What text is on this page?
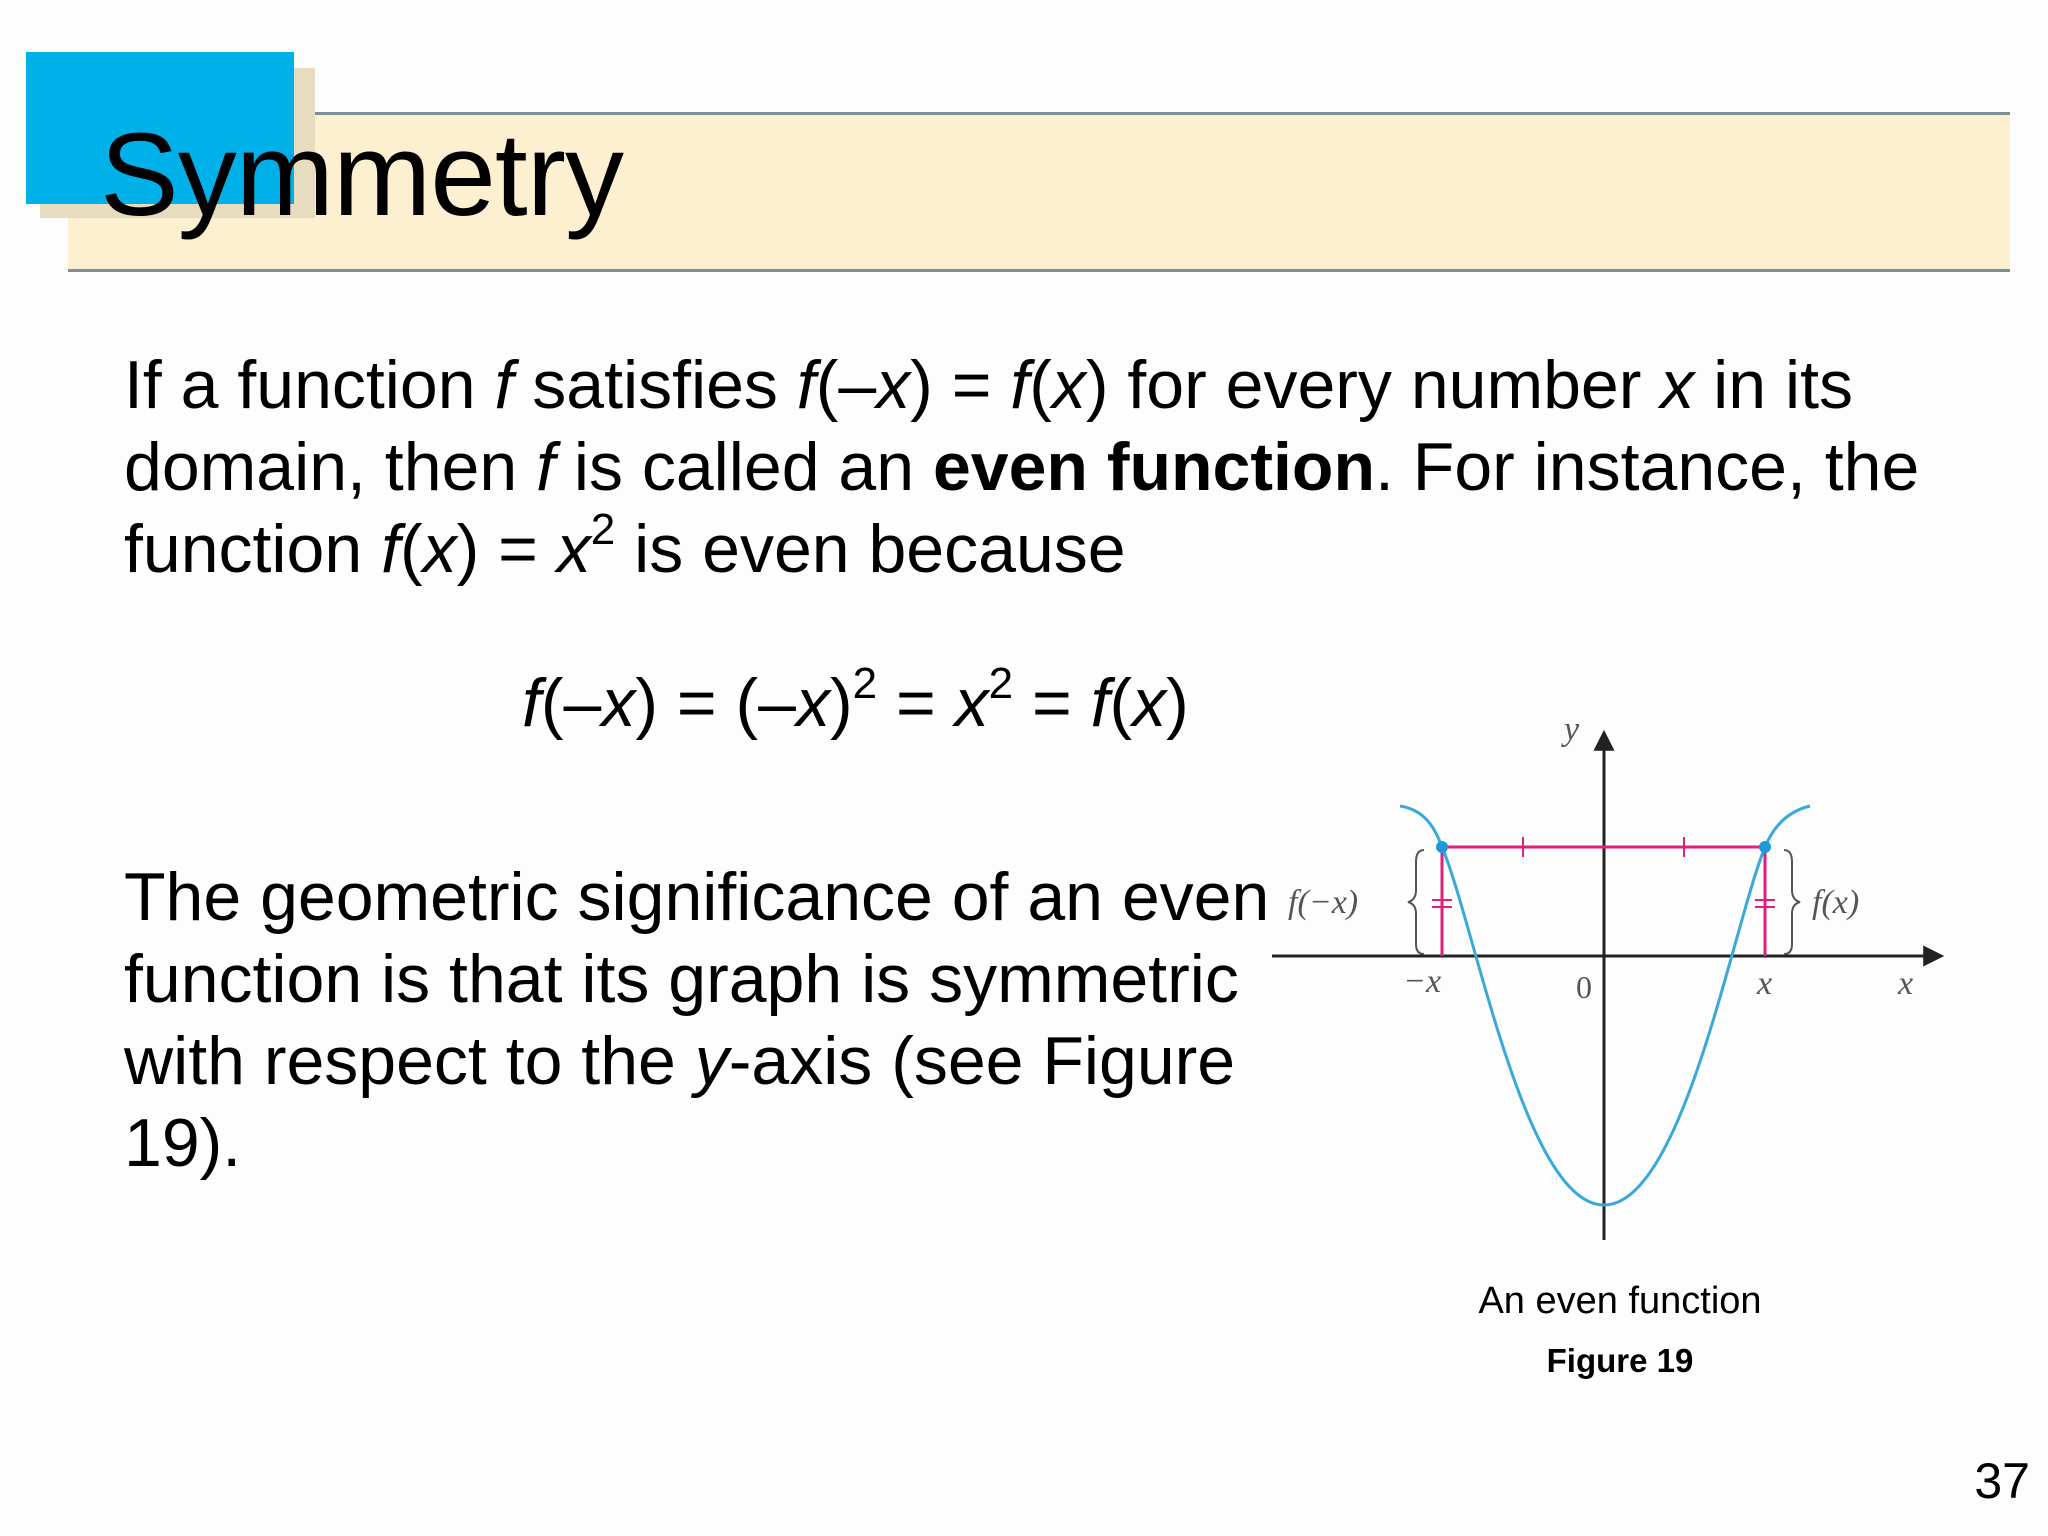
Symmetry

If a function f satisfies f(–x) = f(x) for every number x in its domain, then f is called an even function. For instance, the function $f(x) = x^2$ is even because

$f(-x) = (-x)^2 = x^2 = f(x)$

The geometric significance of an even function is that its graph is symmetric with respect to the y-axis (see Figure 19).

y
x
0
−x	x
f(−x)	f(x)

An even function

Figure 19

37
